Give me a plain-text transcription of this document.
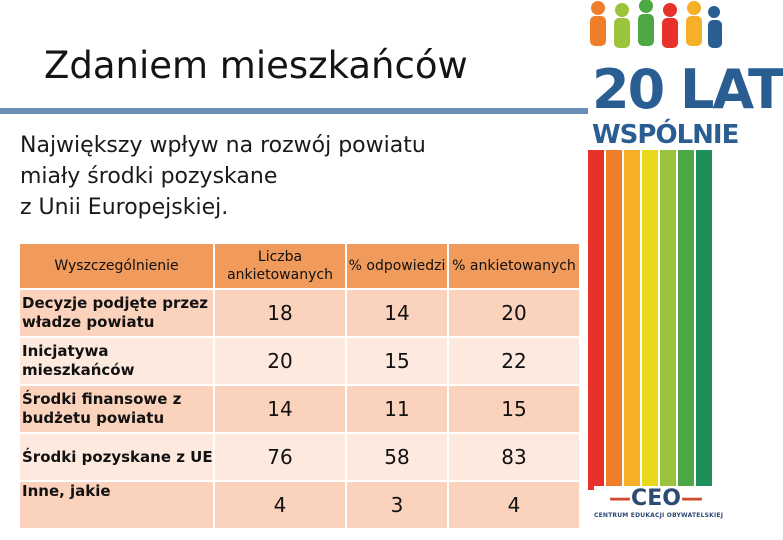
Zdaniem mieszkańców
Największy wpływ na rozwój powiatu
miały środki pozyskane
z Unii Europejskiej.
20 LAT
WSPÓLNIE
—CEO—
CENTRUM EDUKACJI OBYWATELSKIEJ
Wyszczególnienie	Liczba ankietowanych	% odpowiedzi	% ankietowanych
Decyzje podjęte przez władze powiatu	18	14	20
Inicjatywa mieszkańców	20	15	22
Środki finansowe z budżetu powiatu	14	11	15
Środki pozyskane z UE	76	58	83
Inne, jakie	4	3	4
